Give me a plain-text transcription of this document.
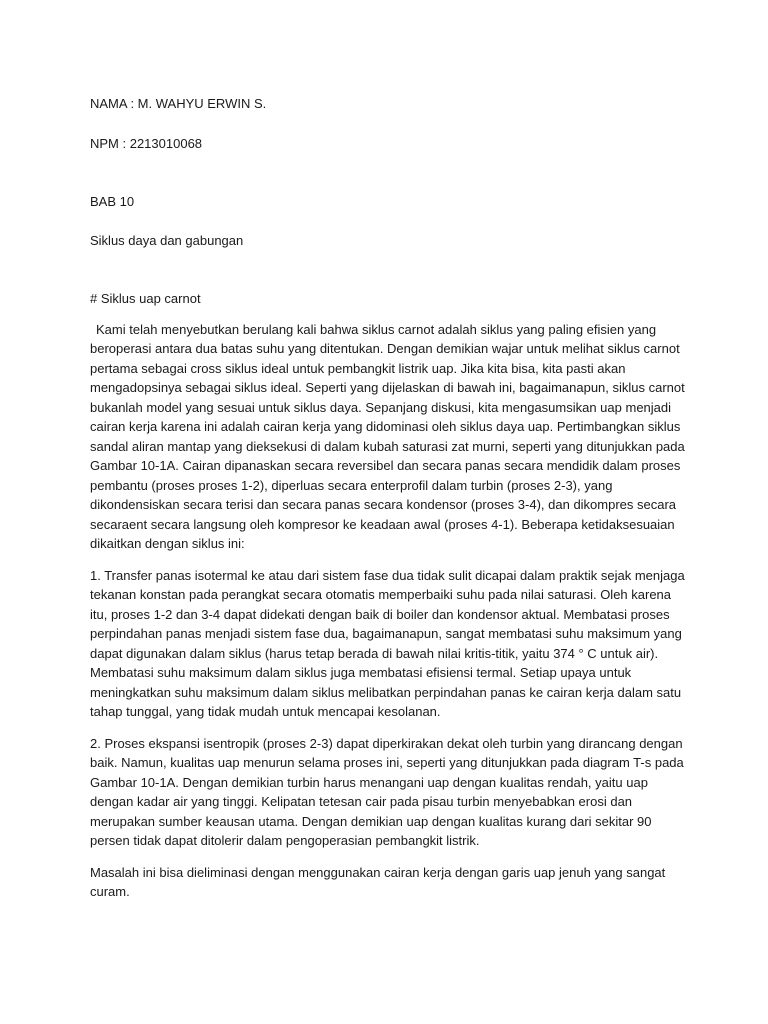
NAMA : M. WAHYU ERWIN S.

NPM : 2213010068

BAB 10

Siklus daya dan gabungan

# Siklus uap carnot

Kami telah menyebutkan berulang kali bahwa siklus carnot adalah siklus yang paling efisien yang beroperasi antara dua batas suhu yang ditentukan. Dengan demikian wajar untuk melihat siklus carnot pertama sebagai cross siklus ideal untuk pembangkit listrik uap. Jika kita bisa, kita pasti akan mengadopsinya sebagai siklus ideal. Seperti yang dijelaskan di bawah ini, bagaimanapun, siklus carnot bukanlah model yang sesuai untuk siklus daya. Sepanjang diskusi, kita mengasumsikan uap menjadi cairan kerja karena ini adalah cairan kerja yang didominasi oleh siklus daya uap. Pertimbangkan siklus sandal aliran mantap yang dieksekusi di dalam kubah saturasi zat murni, seperti yang ditunjukkan pada Gambar 10-1A. Cairan dipanaskan secara reversibel dan secara panas secara mendidik dalam proses pembantu (proses proses 1-2), diperluas secara enterprofil dalam turbin (proses 2-3), yang dikondensiskan secara terisi dan secara panas secara kondensor (proses 3-4), dan dikompres secara secaraent secara langsung oleh kompresor ke keadaan awal (proses 4-1). Beberapa ketidaksesuaian dikaitkan dengan siklus ini:

1. Transfer panas isotermal ke atau dari sistem fase dua tidak sulit dicapai dalam praktik sejak menjaga tekanan konstan pada perangkat secara otomatis memperbaiki suhu pada nilai saturasi. Oleh karena itu, proses 1-2 dan 3-4 dapat didekati dengan baik di boiler dan kondensor aktual. Membatasi proses perpindahan panas menjadi sistem fase dua, bagaimanapun, sangat membatasi suhu maksimum yang dapat digunakan dalam siklus (harus tetap berada di bawah nilai kritis-titik, yaitu 374 ° C untuk air). Membatasi suhu maksimum dalam siklus juga membatasi efisiensi termal. Setiap upaya untuk meningkatkan suhu maksimum dalam siklus melibatkan perpindahan panas ke cairan kerja dalam satu tahap tunggal, yang tidak mudah untuk mencapai kesolanan.

2. Proses ekspansi isentropik (proses 2-3) dapat diperkirakan dekat oleh turbin yang dirancang dengan baik. Namun, kualitas uap menurun selama proses ini, seperti yang ditunjukkan pada diagram T-s pada Gambar 10-1A. Dengan demikian turbin harus menangani uap dengan kualitas rendah, yaitu uap dengan kadar air yang tinggi. Kelipatan tetesan cair pada pisau turbin menyebabkan erosi dan merupakan sumber keausan utama. Dengan demikian uap dengan kualitas kurang dari sekitar 90 persen tidak dapat ditolerir dalam pengoperasian pembangkit listrik.

Masalah ini bisa dieliminasi dengan menggunakan cairan kerja dengan garis uap jenuh yang sangat curam.
